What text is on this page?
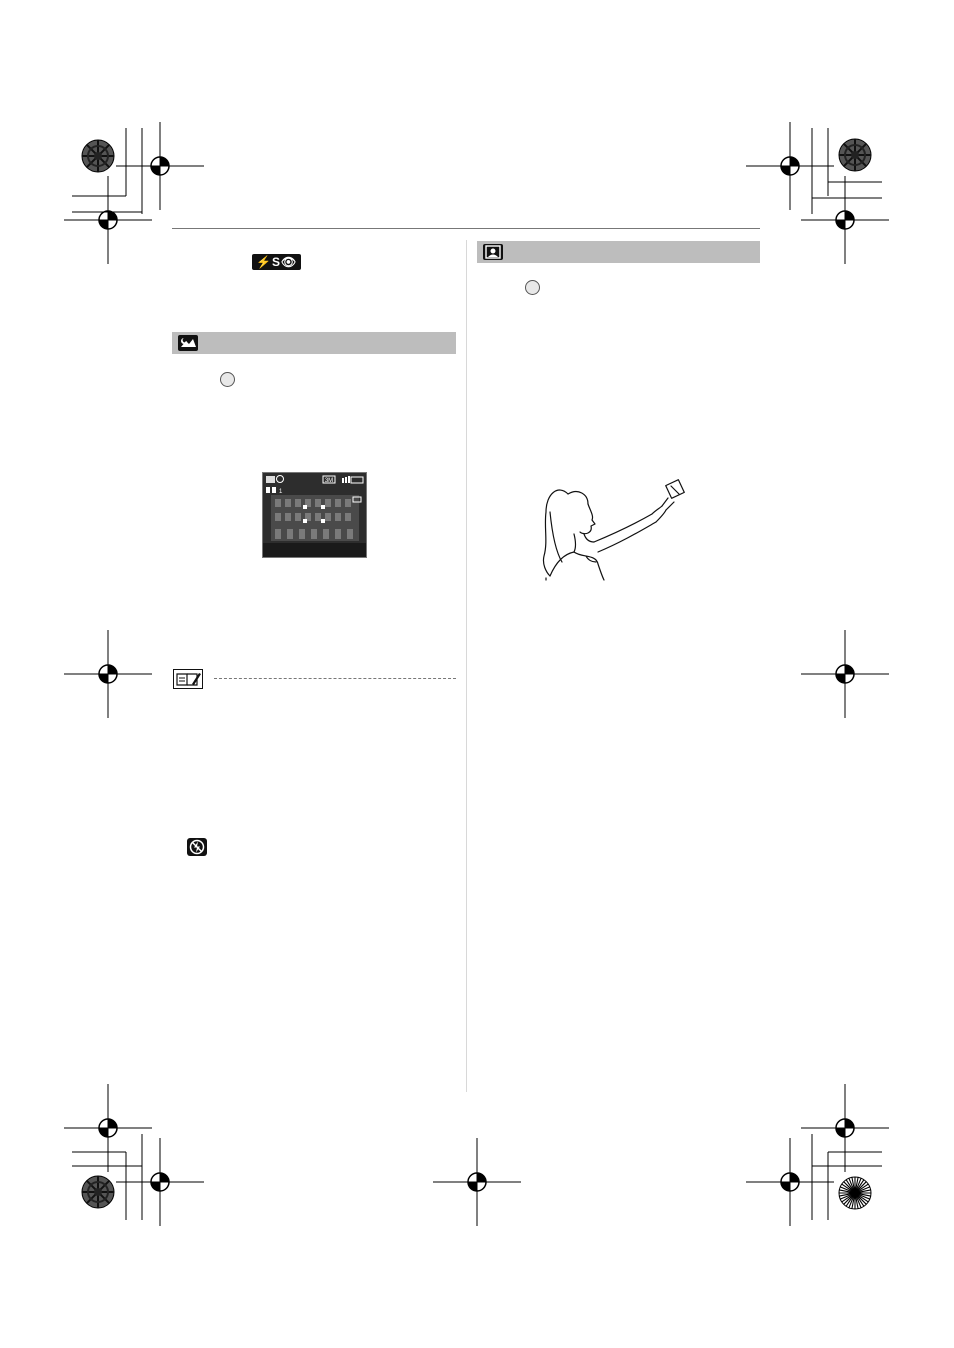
⚡S👁
3M
1
